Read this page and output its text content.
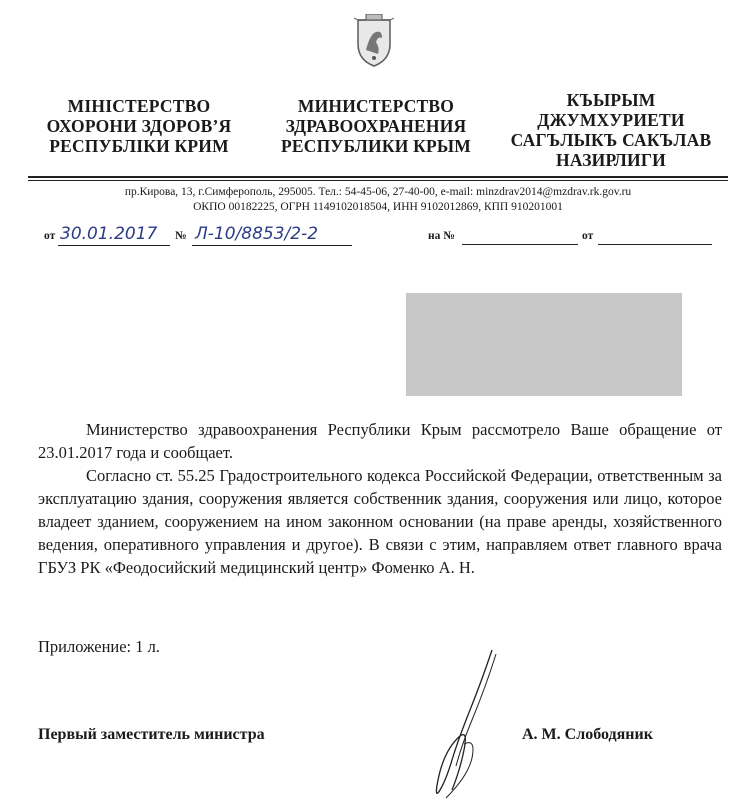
МІНІСТЕРСТВО
ОХОРОНИ ЗДОРОВ’Я
РЕСПУБЛІКИ КРИМ
МИНИСТЕРСТВО
ЗДРАВООХРАНЕНИЯ
РЕСПУБЛИКИ КРЫМ
КЪЫРЫМ
ДЖУМХУРИЕТИ
САГЪЛЫКЪ САКЪЛАВ
НАЗИРЛИГИ
пр.Кирова, 13, г.Симферополь, 295005. Тел.: 54-45-06, 27-40-00, e-mail: minzdrav2014@mzdrav.rk.gov.ru
ОКПО 00182225, ОГРН 1149102018504, ИНН 9102012869, КПП 910201001
от 30.01.2017 № Л-10/8853/2-2	на №	от

Министерство здравоохранения Республики Крым рассмотрело Ваше обращение от 23.01.2017 года и сообщает.

Согласно ст. 55.25 Градостроительного кодекса Российской Федерации, ответственным за эксплуатацию здания, сооружения является собственник здания, сооружения или лицо, которое владеет зданием, сооружением на ином законном основании (на праве аренды, хозяйственного ведения, оперативного управления и другое). В связи с этим, направляем ответ главного врача ГБУЗ РК «Феодосийский медицинский центр» Фоменко А. Н.

Приложение: 1 л.
Первый заместитель министра	А. М. Слободяник
